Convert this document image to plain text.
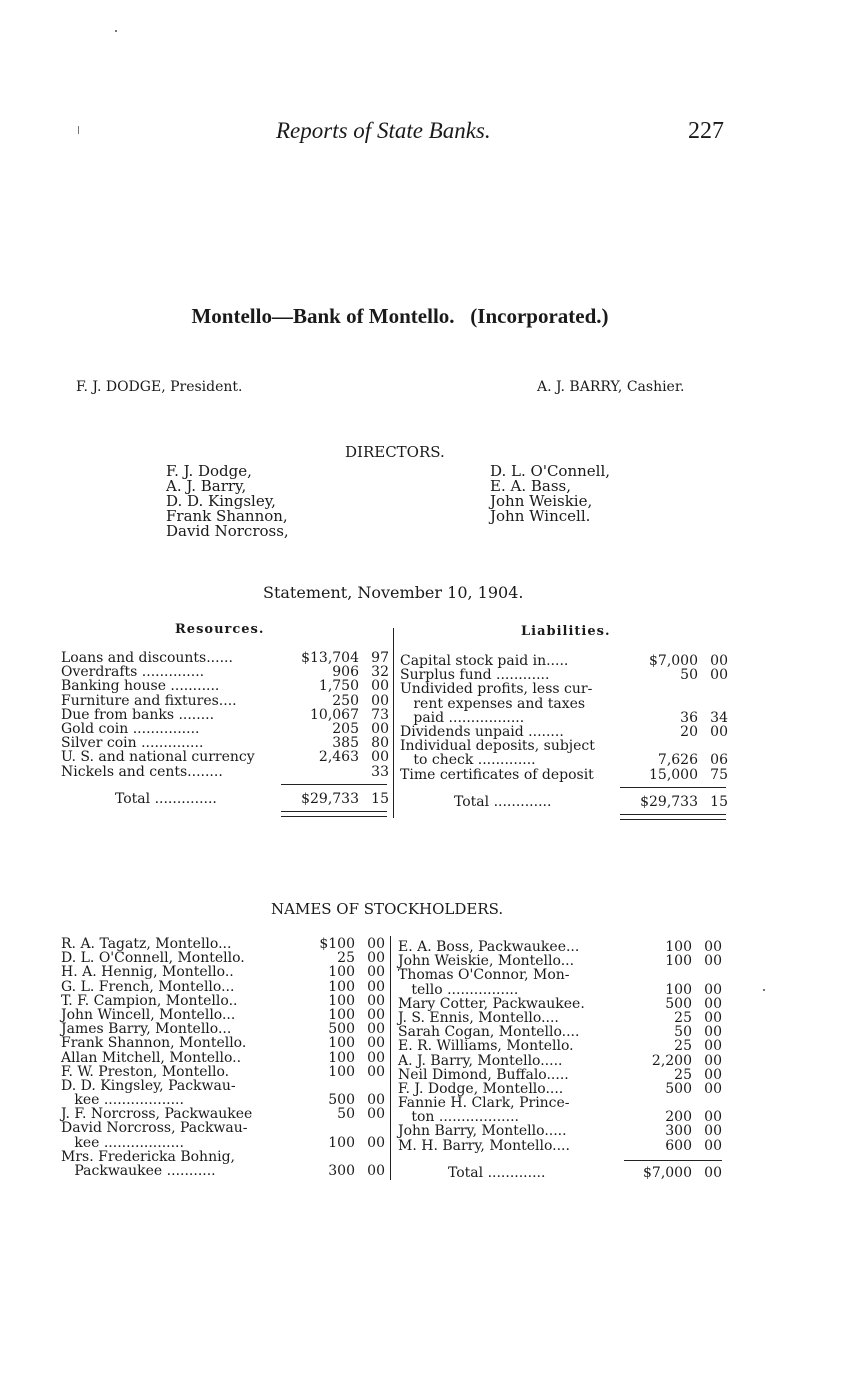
Reports of State Banks.	227
Montello—Bank of Montello.   (Incorporated.)
F. J. DODGE, President.	A. J. BARRY, Cashier.
DIRECTORS.
F. J. Dodge,
A. J. Barry,
D. D. Kingsley,
Frank Shannon,
David Norcross,
D. L. O'Connell,
E. A. Bass,
John Weiskie,
John Wincell.
Statement, November 10, 1904.
Resources.	Liabilities.
Loans and discounts......	$13,704 97
Overdrafts ..............	906 32
Banking house ...........	1,750 00
Furniture and fixtures....	250 00
Due from banks ........	10,067 73
Gold coin ...............	205 00
Silver coin ..............	385 80
U. S. and national currency	2,463 00
Nickels and cents........	33
Total ..............	$29,733 15
Capital stock paid in.....	$7,000 00
Surplus fund ............	50 00
Undivided profits, less cur-
rent expenses and taxes
paid .................	36 34
Dividends unpaid ........	20 00
Individual deposits, subject
to check .............	7,626 06
Time certificates of deposit	15,000 75
Total .............	$29,733 15
NAMES OF STOCKHOLDERS.
R. A. Tagatz, Montello...	$100 00
D. L. O'Connell, Montello.	25 00
H. A. Hennig, Montello..	100 00
G. L. French, Montello...	100 00
T. F. Campion, Montello..	100 00
John Wincell, Montello...	100 00
James Barry, Montello...	500 00
Frank Shannon, Montello.	100 00
Allan Mitchell, Montello..	100 00
F. W. Preston, Montello.	100 00
D. D. Kingsley, Packwau-
kee ..................	500 00
J. F. Norcross, Packwaukee	50 00
David Norcross, Packwau-
kee ..................	100 00
Mrs. Fredericka Bohnig,
Packwaukee ...........	300 00
E. A. Boss, Packwaukee...	100 00
John Weiskie, Montello...	100 00
Thomas O'Connor, Mon-
tello ................	100 00
Mary Cotter, Packwaukee.	500 00
J. S. Ennis, Montello....	25 00
Sarah Cogan, Montello....	50 00
E. R. Williams, Montello.	25 00
A. J. Barry, Montello.....	2,200 00
Neil Dimond, Buffalo.....	25 00
F. J. Dodge, Montello....	500 00
Fannie H. Clark, Prince-
ton ..................	200 00
John Barry, Montello.....	300 00
M. H. Barry, Montello....	600 00
Total .............	$7,000 00
